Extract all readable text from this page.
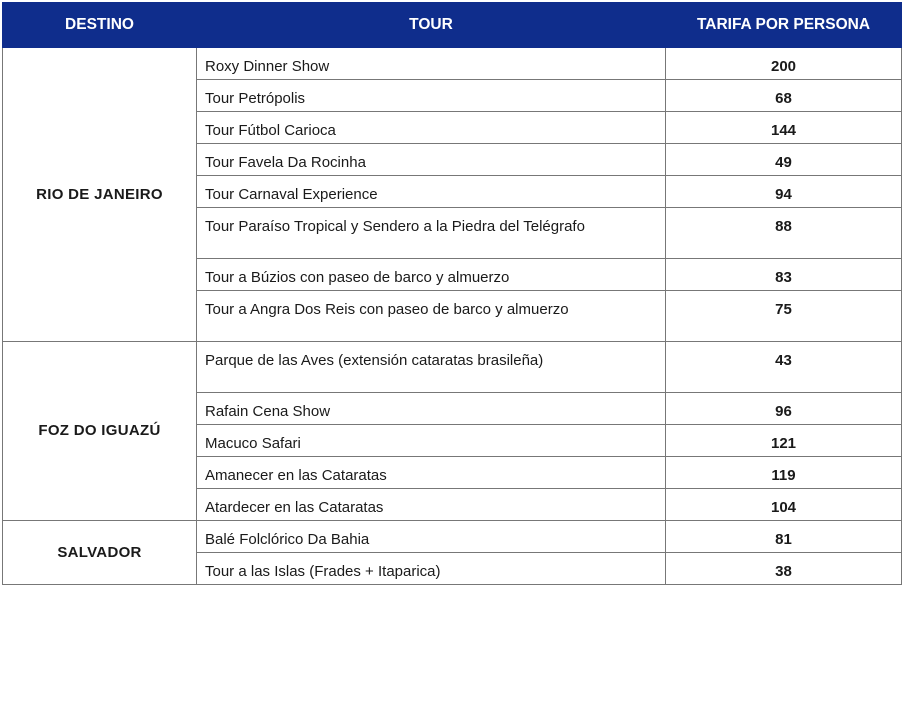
DESTINO	TOUR	TARIFA POR PERSONA
RIO DE JANEIRO	Roxy Dinner Show	200
	Tour Petrópolis	68
	Tour Fútbol Carioca	144
	Tour Favela Da Rocinha	49
	Tour Carnaval Experience	94
	Tour Paraíso Tropical y Sendero a la Piedra del Telégrafo	88
	Tour a Búzios con paseo de barco y almuerzo	83
	Tour a Angra Dos Reis con paseo de barco y almuerzo	75
FOZ DO IGUAZÚ	Parque de las Aves (extensión cataratas brasileña)	43
	Rafain Cena Show	96
	Macuco Safari	121
	Amanecer en las Cataratas	119
	Atardecer en las Cataratas	104
SALVADOR	Balé Folclórico Da Bahia	81
	Tour a las Islas (Frades + Itaparica)	38
